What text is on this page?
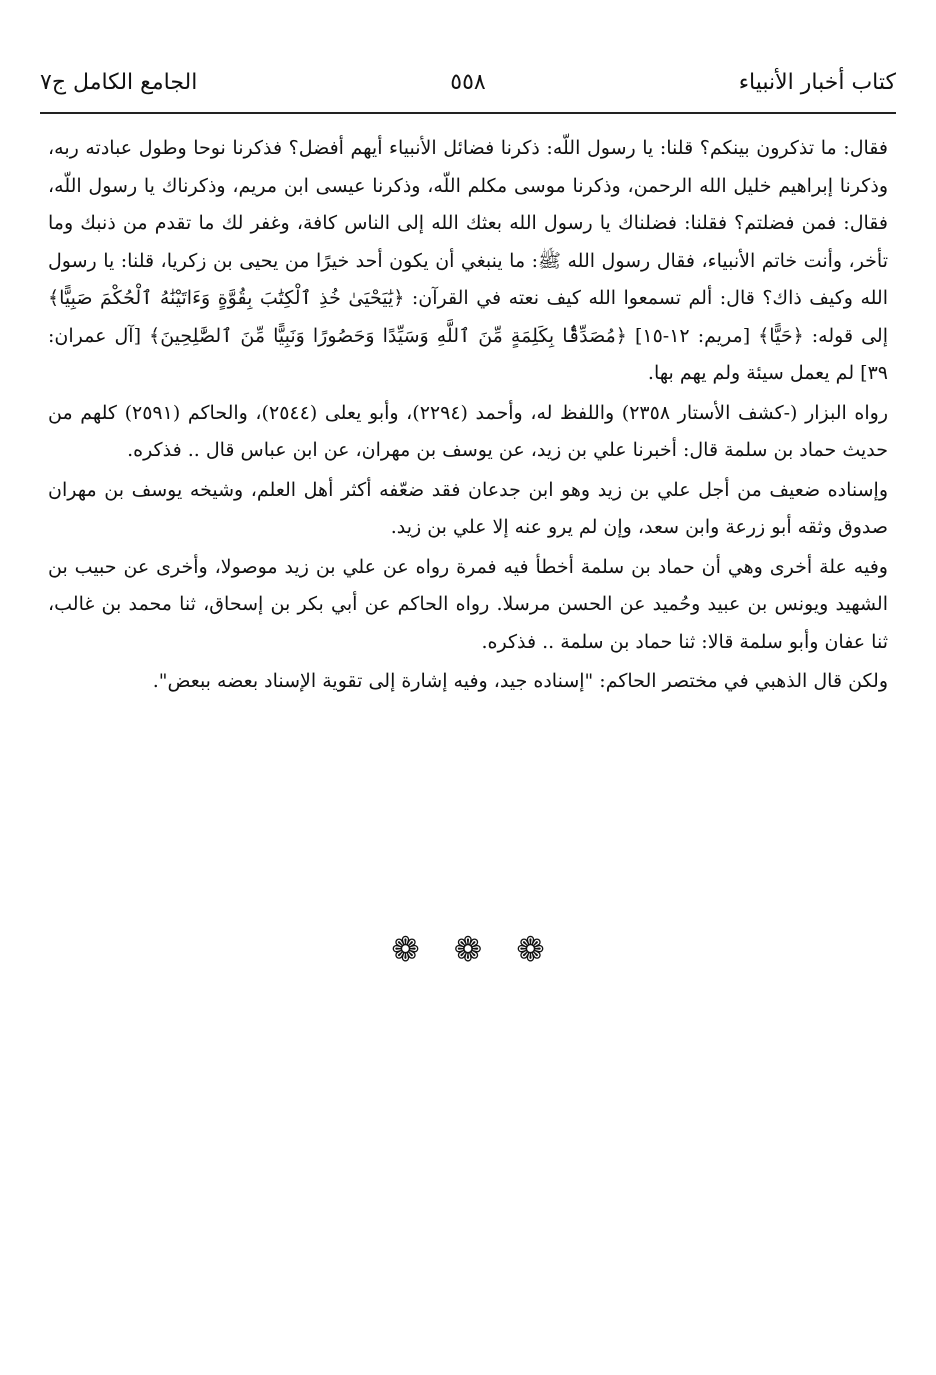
كتاب أخبار الأنبياء
٥٥٨
الجامع الكامل ج٧

فقال: ما تذكرون بينكم؟ قلنا: يا رسول اللّه: ذكرنا فضائل الأنبياء أيهم أفضل؟ فذكرنا نوحا وطول عبادته ربه، وذكرنا إبراهيم خليل الله الرحمن، وذكرنا موسى مكلم اللّه، وذكرنا عيسى ابن مريم، وذكرناك يا رسول اللّه، فقال: فمن فضلتم؟ فقلنا: فضلناك يا رسول الله بعثك الله إلى الناس كافة، وغفر لك ما تقدم من ذنبك وما تأخر، وأنت خاتم الأنبياء، فقال رسول الله ﷺ: ما ينبغي أن يكون أحد خيرًا من يحيى بن زكريا، قلنا: يا رسول الله وكيف ذاك؟ قال: ألم تسمعوا الله كيف نعته في القرآن: ﴿يَٰيَحْيَىٰ خُذِ ٱلْكِتَٰبَ بِقُوَّةٍ وَءَاتَيْنَٰهُ ٱلْحُكْمَ صَبِيًّا﴾ إلى قوله: ﴿حَيًّا﴾ [مريم: ١٢-١٥] ﴿مُصَدِّقًۢا بِكَلِمَةٍ مِّنَ ٱللَّهِ وَسَيِّدًا وَحَصُورًا وَنَبِيًّا مِّنَ ٱلصَّٰلِحِينَ﴾ [آل عمران: ٣٩] لم يعمل سيئة ولم يهم بها.

رواه البزار (-كشف الأستار ٢٣٥٨) واللفظ له، وأحمد (٢٢٩٤)، وأبو يعلى (٢٥٤٤)، والحاكم (٢٥٩١) كلهم من حديث حماد بن سلمة قال: أخبرنا علي بن زيد، عن يوسف بن مهران، عن ابن عباس قال .. فذكره.

وإسناده ضعيف من أجل علي بن زيد وهو ابن جدعان فقد ضعّفه أكثر أهل العلم، وشيخه يوسف بن مهران صدوق وثقه أبو زرعة وابن سعد، وإن لم يرو عنه إلا علي بن زيد.

وفيه علة أخرى وهي أن حماد بن سلمة أخطأ فيه فمرة رواه عن علي بن زيد موصولا، وأخرى عن حبيب بن الشهيد ويونس بن عبيد وحُميد عن الحسن مرسلا. رواه الحاكم عن أبي بكر بن إسحاق، ثنا محمد بن غالب، ثنا عفان وأبو سلمة قالا: ثنا حماد بن سلمة .. فذكره.

ولكن قال الذهبي في مختصر الحاكم: "إسناده جيد، وفيه إشارة إلى تقوية الإسناد بعضه ببعض".

❁ ❁ ❁
